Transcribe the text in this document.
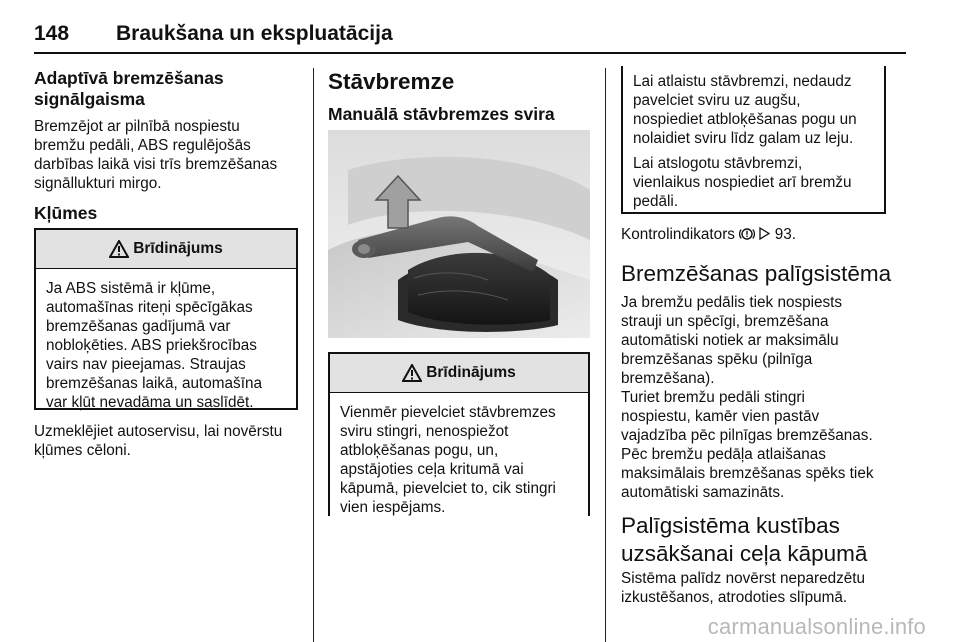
148 Braukšana un ekspluatācija
Adaptīvā bremzēšanas
signālgaisma

Bremzējot ar pilnībā nospiestu
bremžu pedāli, ABS regulējošās
darbības laikā visi trīs bremzēšanas
signāllukturi mirgo.

Kļūmes
Brīdinājums

Ja ABS sistēmā ir kļūme,
automašīnas riteņi spēcīgākas
bremzēšanas gadījumā var
nobloķēties. ABS priekšrocības
vairs nav pieejamas. Straujas
bremzēšanas laikā, automašīna
var kļūt nevadāma un saslīdēt.

Uzmeklējiet autoservisu, lai novērstu
kļūmes cēloni.

Stāvbremze
Manuālā stāvbremzes svira
Brīdinājums

Vienmēr pievelciet stāvbremzes
sviru stingri, nenospiežot
atbloķēšanas pogu, un,
apstājoties ceļa kritumā vai
kāpumā, pievelciet to, cik stingri
vien iespējams.

Lai atlaistu stāvbremzi, nedaudz
pavelciet sviru uz augšu,
nospiediet atbloķēšanas pogu un
nolaidiet sviru līdz galam uz leju.

Lai atslogotu stāvbremzi,
vienlaikus nospiediet arī bremžu
pedāli.

Kontrolindikators	93.

Bremzēšanas palīgsistēma

Ja bremžu pedālis tiek nospiests
strauji un spēcīgi, bremzēšana
automātiski notiek ar maksimālu
bremzēšanas spēku (pilnīga
bremzēšana).

Turiet bremžu pedāli stingri
nospiestu, kamēr vien pastāv
vajadzība pēc pilnīgas bremzēšanas.
Pēc bremžu pedāļa atlaišanas
maksimālais bremzēšanas spēks tiek
automātiski samazināts.

Palīgsistēma kustības
uzsākšanai ceļa kāpumā

Sistēma palīdz novērst neparedzētu
izkustēšanos, atrodoties slīpumā.

carmanualsonline.info
